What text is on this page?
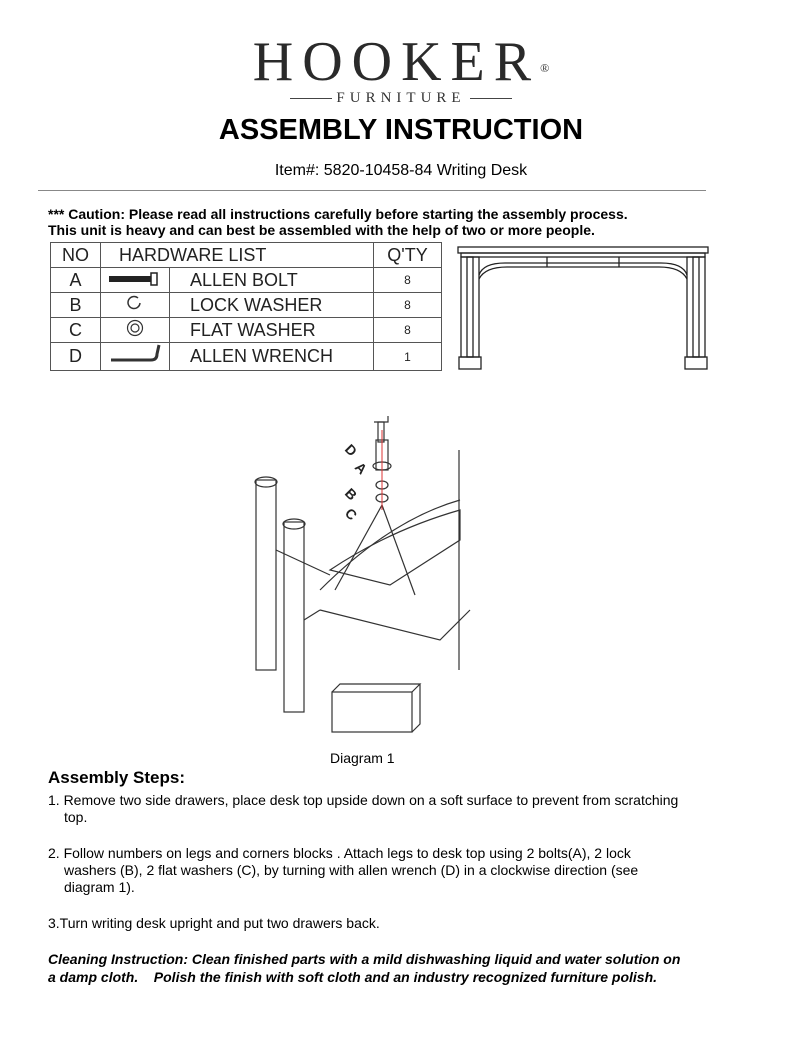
HOOKER®
FURNITURE
ASSEMBLY INSTRUCTION
Item#: 5820-10458-84 Writing Desk
*** Caution: Please read all instructions carefully before starting the assembly process.
This unit is heavy and can best be assembled with the help of two or more people.
NO	HARDWARE LIST		Q'TY
A		ALLEN BOLT	8
B		LOCK WASHER	8
C		FLAT WASHER	8
D		ALLEN WRENCH	1
D
A
B
C
Diagram 1
Assembly Steps:
1. Remove two side drawers, place desk top upside down on a soft surface to prevent from scratching
top.
2. Follow numbers on legs and corners blocks . Attach legs to desk top using 2 bolts(A), 2 lock
washers (B), 2 flat washers (C), by turning with allen wrench (D) in a clockwise direction (see
diagram 1).
3.Turn writing desk upright and put two drawers back.
Cleaning Instruction: Clean finished parts with a mild dishwashing liquid and water solution on
a damp cloth.    Polish the finish with soft cloth and an industry recognized furniture polish.
